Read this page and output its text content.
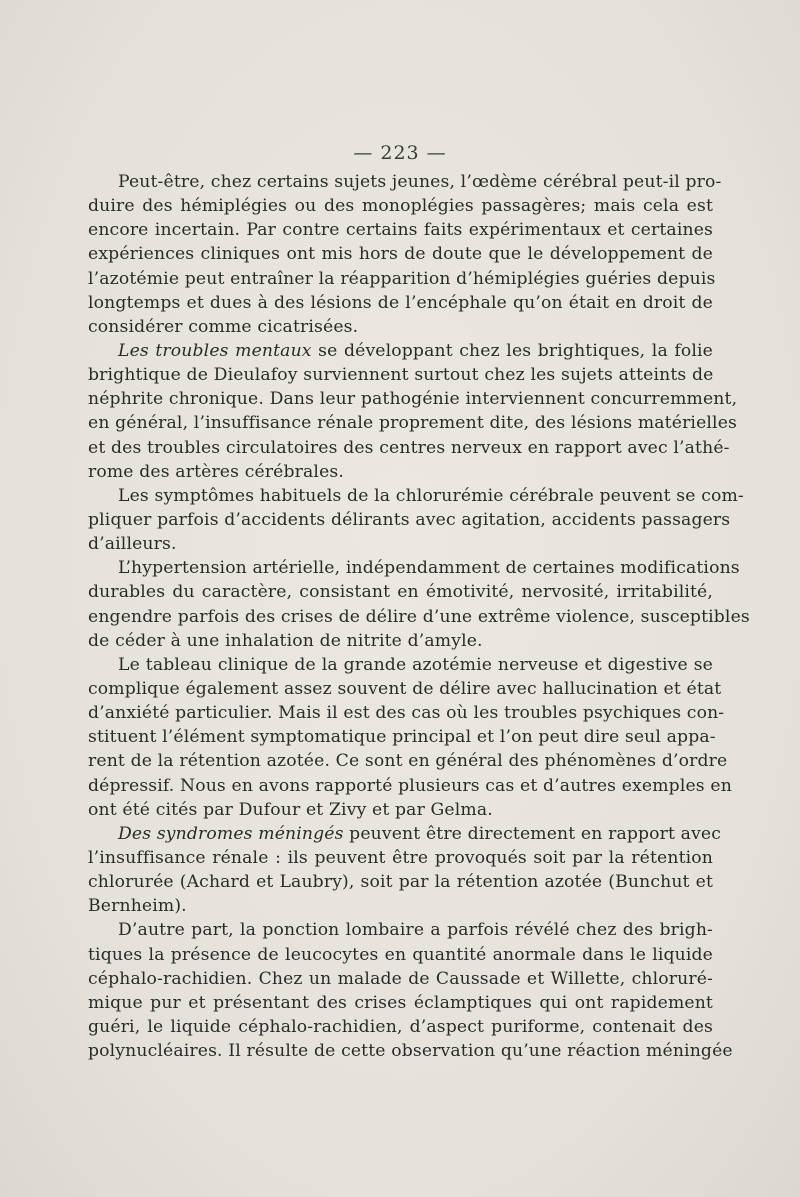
— 223 —
Peut-être, chez certains sujets jeunes, l’œdème cérébral peut-il pro-
duire des hémiplégies ou des monoplégies passagères; mais cela est
encore incertain. Par contre certains faits expérimentaux et certaines
expériences cliniques ont mis hors de doute que le développement de
l’azotémie peut entraîner la réapparition d’hémiplégies guéries depuis
longtemps et dues à des lésions de l’encéphale qu’on était en droit de
considérer comme cicatrisées.
Les troubles mentaux se développant chez les brightiques, la folie
brightique de Dieulafoy surviennent surtout chez les sujets atteints de
néphrite chronique. Dans leur pathogénie interviennent concurremment,
en général, l’insuffisance rénale proprement dite, des lésions matérielles
et des troubles circulatoires des centres nerveux en rapport avec l’athé-
rome des artères cérébrales.
Les symptômes habituels de la chlorurémie cérébrale peuvent se com-
pliquer parfois d’accidents délirants avec agitation, accidents passagers
d’ailleurs.
L’hypertension artérielle, indépendamment de certaines modifications
durables du caractère, consistant en émotivité, nervosité, irritabilité,
engendre parfois des crises de délire d’une extrême violence, susceptibles
de céder à une inhalation de nitrite d’amyle.
Le tableau clinique de la grande azotémie nerveuse et digestive se
complique également assez souvent de délire avec hallucination et état
d’anxiété particulier. Mais il est des cas où les troubles psychiques con-
stituent l’élément symptomatique principal et l’on peut dire seul appa-
rent de la rétention azotée. Ce sont en général des phénomènes d’ordre
dépressif. Nous en avons rapporté plusieurs cas et d’autres exemples en
ont été cités par Dufour et Zivy et par Gelma.
Des syndromes méningés peuvent être directement en rapport avec
l’insuffisance rénale : ils peuvent être provoqués soit par la rétention
chlorurée (Achard et Laubry), soit par la rétention azotée (Bunchut et
Bernheim).
D’autre part, la ponction lombaire a parfois révélé chez des brigh-
tiques la présence de leucocytes en quantité anormale dans le liquide
céphalo-rachidien. Chez un malade de Caussade et Willette, chloruré-
mique pur et présentant des crises éclamptiques qui ont rapidement
guéri, le liquide céphalo-rachidien, d’aspect puriforme, contenait des
polynucléaires. Il résulte de cette observation qu’une réaction méningée
